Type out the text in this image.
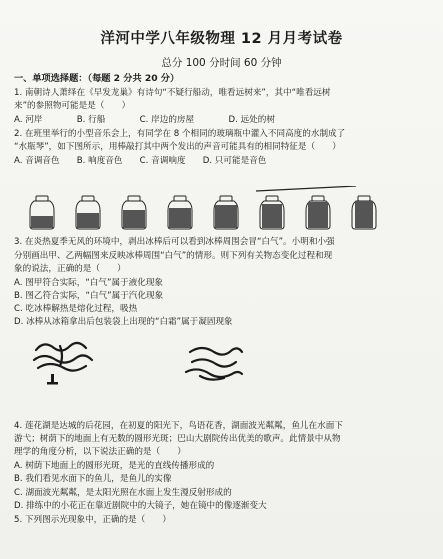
洋河中学八年级物理 12 月月考试卷
总分 100 分时间 60 分钟
一、单项选择题：（每题 2 分共 20 分）
1. 南朝诗人萧绎在《早发龙巢》有诗句“不疑行船动，唯看远树来”，其中“唯看远树
来”的参照物可能是是（　　）
A. 河岸　　　　B. 行船　　　　C. 岸边的房屋　　　　D. 远处的树
2. 在班里举行的小型音乐会上，有同学在 8 个相同的玻璃瓶中灌入不同高度的水制成了
“水瓶琴”，如下图所示，用棒敲打其中两个发出的声音可能具有的相同特征是（　　）
A. 音调音色　　B. 响度音色　　C. 音调响度　　D. 只可能是音色
3. 在炎热夏季无风的环境中，剥出冰棒后可以看到冰棒周围会冒“白气”。小明和小强
分别画出甲、乙两幅图来反映冰棒周围“白气”的情形。则下列有关物态变化过程和现
象的说法，正确的是（　　）
A. 图甲符合实际，“白气”属于液化现象
B. 图乙符合实际，“白气”属于汽化现象
C. 吃冰棒解热是熔化过程，吸热
D. 冰棒从冰箱拿出后包装袋上出现的“白霜”属于凝固现象
4. 莲花湖是达城的后花园，在初夏的阳光下，鸟语花香，湖面波光粼粼，鱼儿在水面下
游弋；树荫下的地面上有无数的圆形光斑；巴山大剧院传出优美的歌声。此情景中从物
理学的角度分析，以下说法正确的是（　　）
A. 树荫下地面上的圆形光斑，是光的直线传播形成的
B. 我们看见水面下的鱼儿，是鱼儿的实像
C. 湖面波光粼粼，是太阳光照在水面上发生漫反射形成的
D. 排练中的小花正在靠近剧院中的大镜子，她在镜中的像逐渐变大
5. 下列图示光现象中，正确的是（　　）
